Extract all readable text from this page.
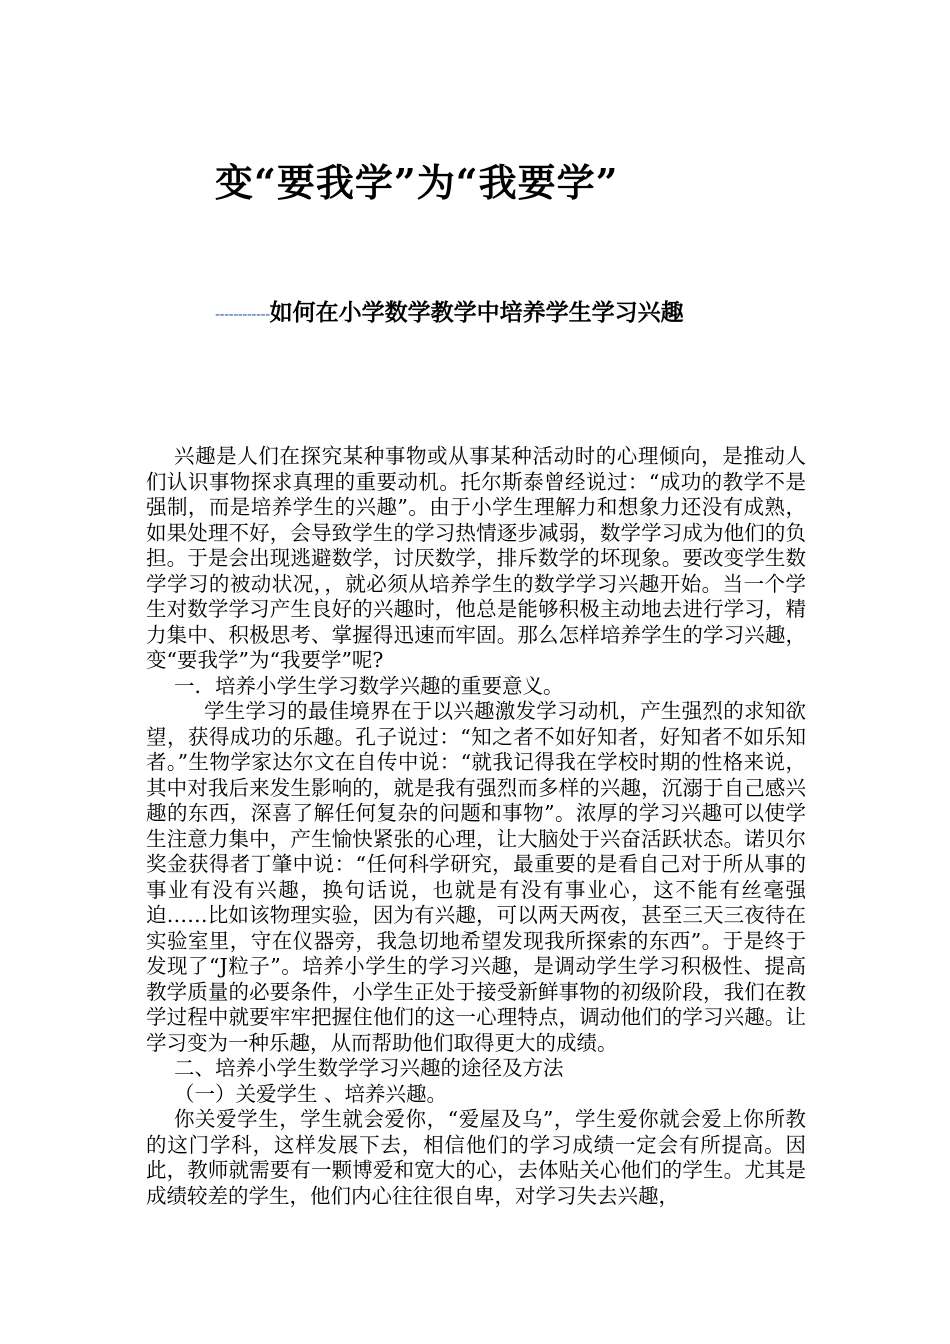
变“要我学”为“我要学”
------------如何在小学数学教学中培养学生学习兴趣

兴趣是人们在探究某种事物或从事某种活动时的心理倾向，是推动人们认识事物探求真理的重要动机。托尔斯泰曾经说过：“成功的教学不是强制，而是培养学生的兴趣”。由于小学生理解力和想象力还没有成熟，如果处理不好，会导致学生的学习热情逐步减弱，数学学习成为他们的负担。于是会出现逃避数学，讨厌数学，排斥数学的坏现象。要改变学生数学学习的被动状况，，就必须从培养学生的数学学习兴趣开始。当一个学生对数学学习产生良好的兴趣时，他总是能够积极主动地去进行学习，精力集中、积极思考、掌握得迅速而牢固。那么怎样培养学生的学习兴趣，变“要我学”为“我要学”呢?

一．培养小学生学习数学兴趣的重要意义。

学生学习的最佳境界在于以兴趣激发学习动机，产生强烈的求知欲望，获得成功的乐趣。孔子说过：“知之者不如好知者，好知者不如乐知者。”生物学家达尔文在自传中说：“就我记得我在学校时期的性格来说，其中对我后来发生影响的，就是我有强烈而多样的兴趣，沉溺于自己感兴趣的东西，深喜了解任何复杂的问题和事物”。浓厚的学习兴趣可以使学生注意力集中，产生愉快紧张的心理，让大脑处于兴奋活跃状态。诺贝尔奖金获得者丁肇中说：“任何科学研究，最重要的是看自己对于所从事的事业有没有兴趣，换句话说，也就是有没有事业心，这不能有丝毫强迫……比如该物理实验，因为有兴趣，可以两天两夜，甚至三天三夜待在实验室里，守在仪器旁，我急切地希望发现我所探索的东西”。于是终于发现了“J粒子”。培养小学生的学习兴趣，是调动学生学习积极性、提高教学质量的必要条件，小学生正处于接受新鲜事物的初级阶段，我们在教学过程中就要牢牢把握住他们的这一心理特点，调动他们的学习兴趣。让学习变为一种乐趣，从而帮助他们取得更大的成绩。

二、培养小学生数学学习兴趣的途径及方法

（一）关爱学生 、培养兴趣。

你关爱学生，学生就会爱你，“爱屋及乌”，学生爱你就会爱上你所教的这门学科，这样发展下去，相信他们的学习成绩一定会有所提高。因此，教师就需要有一颗博爱和宽大的心，去体贴关心他们的学生。尤其是成绩较差的学生，他们内心往往很自卑，对学习失去兴趣，
